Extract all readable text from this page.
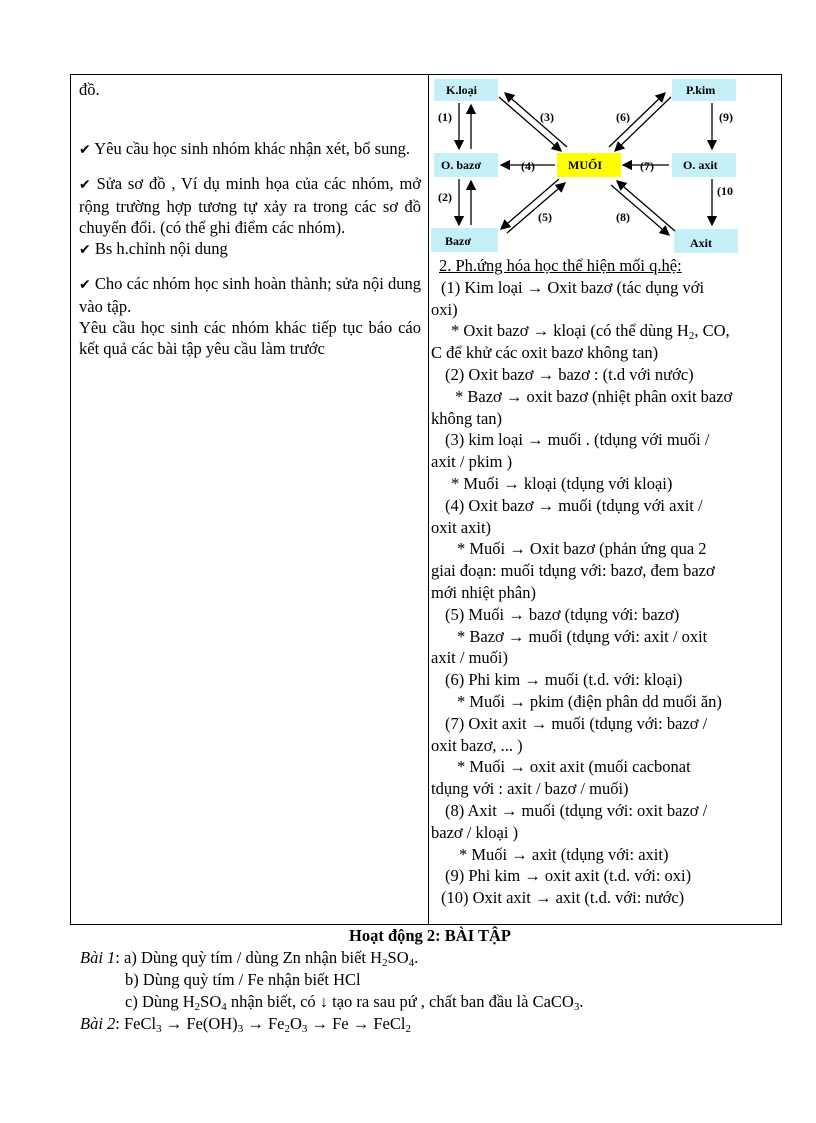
đồ.

✔ Yêu cầu học sinh nhóm khác nhận xét, bổ sung.

✔ Sửa sơ đồ , Ví dụ minh họa của các nhóm, mở rộng trường hợp tương tự xảy ra trong các sơ đồ chuyển đổi. (có thể ghi điểm các nhóm).

✔ Bs h.chỉnh nội dung

✔ Cho các nhóm học sinh hoàn thành; sửa nội dung vào tập.

Yêu cầu học sinh các nhóm khác tiếp tục báo cáo kết quả các bài tập yêu cầu làm trước

K.loại	P.kim
O. bazơ	MUỐI	O. axit
Bazơ	Axit
(1)
(2)
(3)
(4)
(5)
(6)
(7)
(8)
(9)
(10
2. Ph.ứng hóa học thể hiện mối q.hệ:
(1) Kim loại → Oxit bazơ (tác dụng với
oxi)
* Oxit bazơ → kloại (có thể dùng $H_2$, CO,
C để khử các oxit bazơ không tan)
(2) Oxit bazơ → bazơ : (t.d với nước)
* Bazơ → oxit bazơ (nhiệt phân oxit bazơ
không tan)
(3) kim loại → muối . (tdụng với muối /
axit / pkim )
* Muối → kloại (tdụng với kloại)
(4) Oxit bazơ → muối (tdụng với axit /
oxit axit)
* Muối → Oxit bazơ (phản ứng qua 2
giai đoạn: muối tdụng với: bazơ, đem bazơ
mới nhiệt phân)
(5) Muối → bazơ (tdụng với: bazơ)
* Bazơ → muối (tdụng với: axit / oxit
axit / muối)
(6) Phi kim → muối (t.d. với: kloại)
* Muối → pkim (điện phân dd muối ăn)
(7) Oxit axit → muối (tdụng với: bazơ /
oxit bazơ, ... )
* Muối → oxit axit (muối cacbonat
tdụng với : axit / bazơ / muối)
(8) Axit → muối (tdụng với: oxit bazơ /
bazơ / kloại )
* Muối → axit (tdụng với: axit)
(9) Phi kim → oxit axit (t.d. với: oxi)
(10) Oxit axit → axit (t.d. với: nước)
Hoạt động 2: BÀI TẬP
Bài 1: a) Dùng quỳ tím / dùng Zn nhận biết $H_2SO_4$.
b) Dùng quỳ tím / Fe nhận biết HCl
c) Dùng $H_2SO_4$ nhận biết, có ↓ tạo ra sau pứ , chất ban đầu là CaCO$_3$.
Bài 2: FeCl$_3$ → $Fe(OH)_3 \to Fe_2O_3 \to Fe$ → FeCl$_2$
